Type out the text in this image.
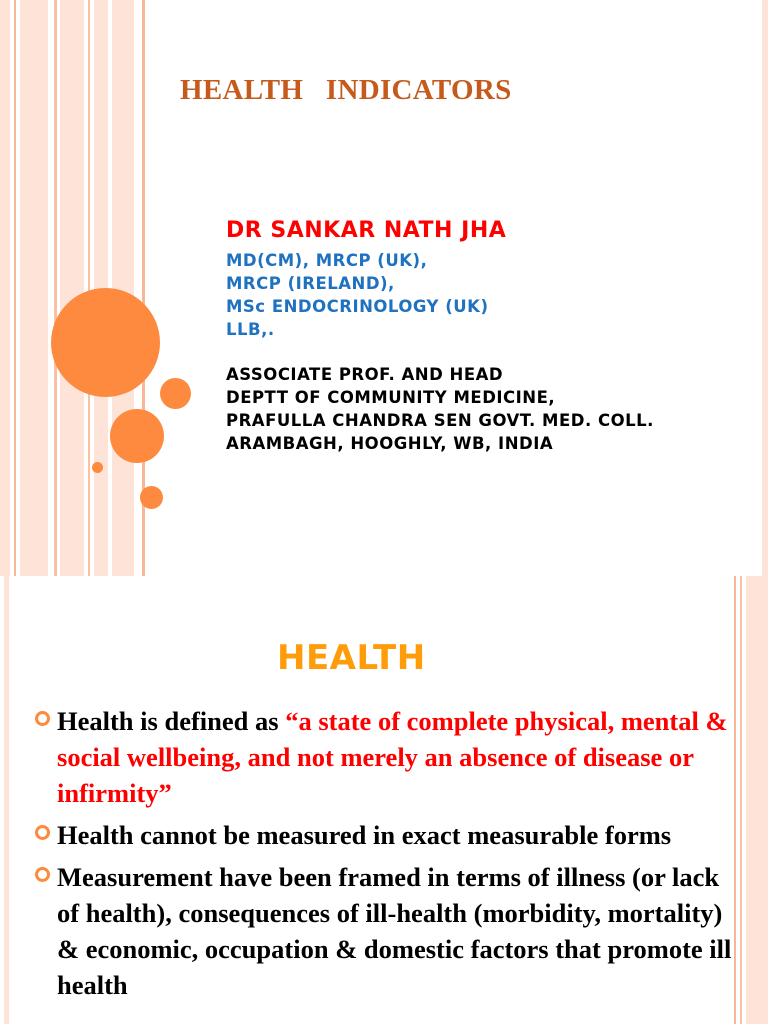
HEALTH   INDICATORS
DR SANKAR NATH JHA
MD(CM), MRCP (UK),
MRCP (IRELAND),
MSc ENDOCRINOLOGY (UK)
LLB,.
ASSOCIATE PROF. AND HEAD
DEPTT OF COMMUNITY MEDICINE,
PRAFULLA CHANDRA SEN GOVT. MED. COLL.
ARAMBAGH, HOOGHLY, WB, INDIA
HEALTH
Health is defined as “a state of complete physical, mental & social wellbeing, and not merely an absence of disease or infirmity”
Health cannot be measured in exact measurable forms
Measurement have been framed in terms of illness (or lack of health), consequences of ill-health (morbidity, mortality) & economic, occupation & domestic factors that promote ill health
